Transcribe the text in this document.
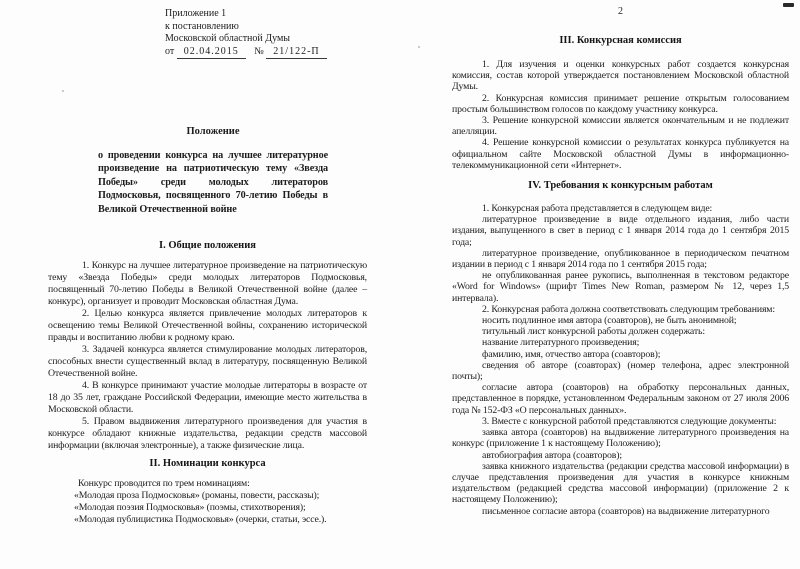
Приложение 1
к постановлению
Московской областной Думы
от 02.04.2015 № 21/122-П
Положение
о проведении конкурса на лучшее литературное произведение на патриотическую тему «Звезда Победы» среди молодых литераторов Подмосковья, посвященного 70-летию Победы в Великой Отечественной войне
I. Общие положения

1. Конкурс на лучшее литературное произведение на патриотическую тему «Звезда Победы» среди молодых литераторов Подмосковья, посвященный 70-летию Победы в Великой Отечественной войне (далее – конкурс), организует и проводит Московская областная Дума.

2. Целью конкурса является привлечение молодых литераторов к освещению темы Великой Отечественной войны, сохранению исторической правды и воспитанию любви к родному краю.

3. Задачей конкурса является стимулирование молодых литераторов, способных внести существенный вклад в литературу, посвященную Великой Отечественной войне.

4. В конкурсе принимают участие молодые литераторы в возрасте от 18 до 35 лет, граждане Российской Федерации, имеющие место жительства в Московской области.

5. Правом выдвижения литературного произведения для участия в конкурсе обладают книжные издательства, редакции средств массовой информации (включая электронные), а также физические лица.

II. Номинации конкурса

Конкурс проводится по трем номинациям:

«Молодая проза Подмосковья» (романы, повести, рассказы);

«Молодая поэзия Подмосковья» (поэмы, стихотворения);

«Молодая публицистика Подмосковья» (очерки, статьи, эссе.).

2
III. Конкурсная комиссия

1. Для изучения и оценки конкурсных работ создается конкурсная комиссия, состав которой утверждается постановлением Московской областной Думы.

2. Конкурсная комиссия принимает решение открытым голосованием простым большинством голосов по каждому участнику конкурса.

3. Решение конкурсной комиссии является окончательным и не подлежит апелляции.

4. Решение конкурсной комиссии о результатах конкурса публикуется на официальном сайте Московской областной Думы в информационно-телекоммуникационной сети «Интернет».

IV. Требования к конкурсным работам

1. Конкурсная работа представляется в следующем виде:

литературное произведение в виде отдельного издания, либо части издания, выпущенного в свет в период с 1 января 2014 года до 1 сентября 2015 года;

литературное произведение, опубликованное в периодическом печатном издании в период с 1 января 2014 года по 1 сентября 2015 года;

не опубликованная ранее рукопись, выполненная в текстовом редакторе «Word for Windows» (шрифт Times New Roman, размером № 12, через 1,5 интервала).

2. Конкурсная работа должна соответствовать следующим требованиям:

носить подлинное имя автора (соавторов), не быть анонимной;

титульный лист конкурсной работы должен содержать:

название литературного произведения;

фамилию, имя, отчество автора (соавторов);

сведения об авторе (соавторах) (номер телефона, адрес электронной почты);

согласие автора (соавторов) на обработку персональных данных, представленное в порядке, установленном Федеральным законом от 27 июля 2006 года № 152-ФЗ «О персональных данных».

3. Вместе с конкурсной работой представляются следующие документы:

заявка автора (соавторов) на выдвижение литературного произведения на конкурс (приложение 1 к настоящему Положению);

автобиография автора (соавторов);

заявка книжного издательства (редакции средства массовой информации) в случае представления произведения для участия в конкурсе книжным издательством (редакцией средства массовой информации) (приложение 2 к настоящему Положению);

письменное согласие автора (соавторов) на выдвижение литературного
